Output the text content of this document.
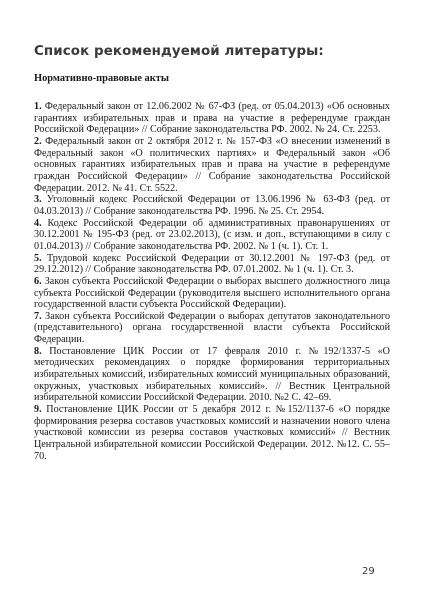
Список рекомендуемой литературы:
Нормативно-правовые акты

1. Федеральный закон от 12.06.2002 № 67-ФЗ (ред. от 05.04.2013) «Об основных гарантиях избирательных прав и права на участие в референдуме граждан Российской Федерации» // Собрание законодательства РФ. 2002. № 24. Ст. 2253.

2. Федеральный закон от 2 октября 2012 г. № 157-ФЗ «О внесении изменений в Федеральный закон «О политических партиях» и Федеральный закон «Об основных гарантиях избирательных прав и права на участие в референдуме граждан Российской Федерации» // Собрание законодательства Российской Федерации. 2012. № 41. Ст. 5522.

3. Уголовный кодекс Российской Федерации от 13.06.1996 № 63-ФЗ (ред. от 04.03.2013) // Собрание законодательства РФ. 1996. № 25. Ст. 2954.

4. Кодекс Российской Федерации об административных правонарушениях от 30.12.2001 № 195-ФЗ (ред. от 23.02.2013), (с изм. и доп., вступающими в силу с 01.04.2013) // Собрание законодательства РФ. 2002. № 1 (ч. 1). Ст. 1.

5. Трудовой кодекс Российской Федерации от 30.12.2001 № 197-ФЗ (ред. от 29.12.2012) // Собрание законодательства РФ. 07.01.2002. № 1 (ч. 1). Ст. 3.

6. Закон субъекта Российской Федерации о выборах высшего должностного лица субъекта Российской Федерации (руководителя высшего исполнительного органа государственной власти субъекта Российской Федерации).

7. Закон субъекта Российской Федерации о выборах депутатов законодательного (представительного) органа государственной власти субъекта Российской Федерации.

8. Постановление ЦИК России от 17 февраля 2010 г. №192/1337-5 «О методических рекомендациях о порядке формирования территориальных избирательных комиссий, избирательных комиссий муниципальных образований, окружных, участковых избирательных комиссий». // Вестник Центральной избирательной комиссии Российской Федерации. 2010. №2 С. 42–69.

9. Постановление ЦИК России от 5 декабря 2012 г. №152/1137-6 «О порядке формирования резерва составов участковых комиссий и назначении нового члена участковой комиссии из резерва составов участковых комиссий» // Вестник Центральной избирательной комиссии Российской Федерации. 2012. №12. С. 55–70.

29
